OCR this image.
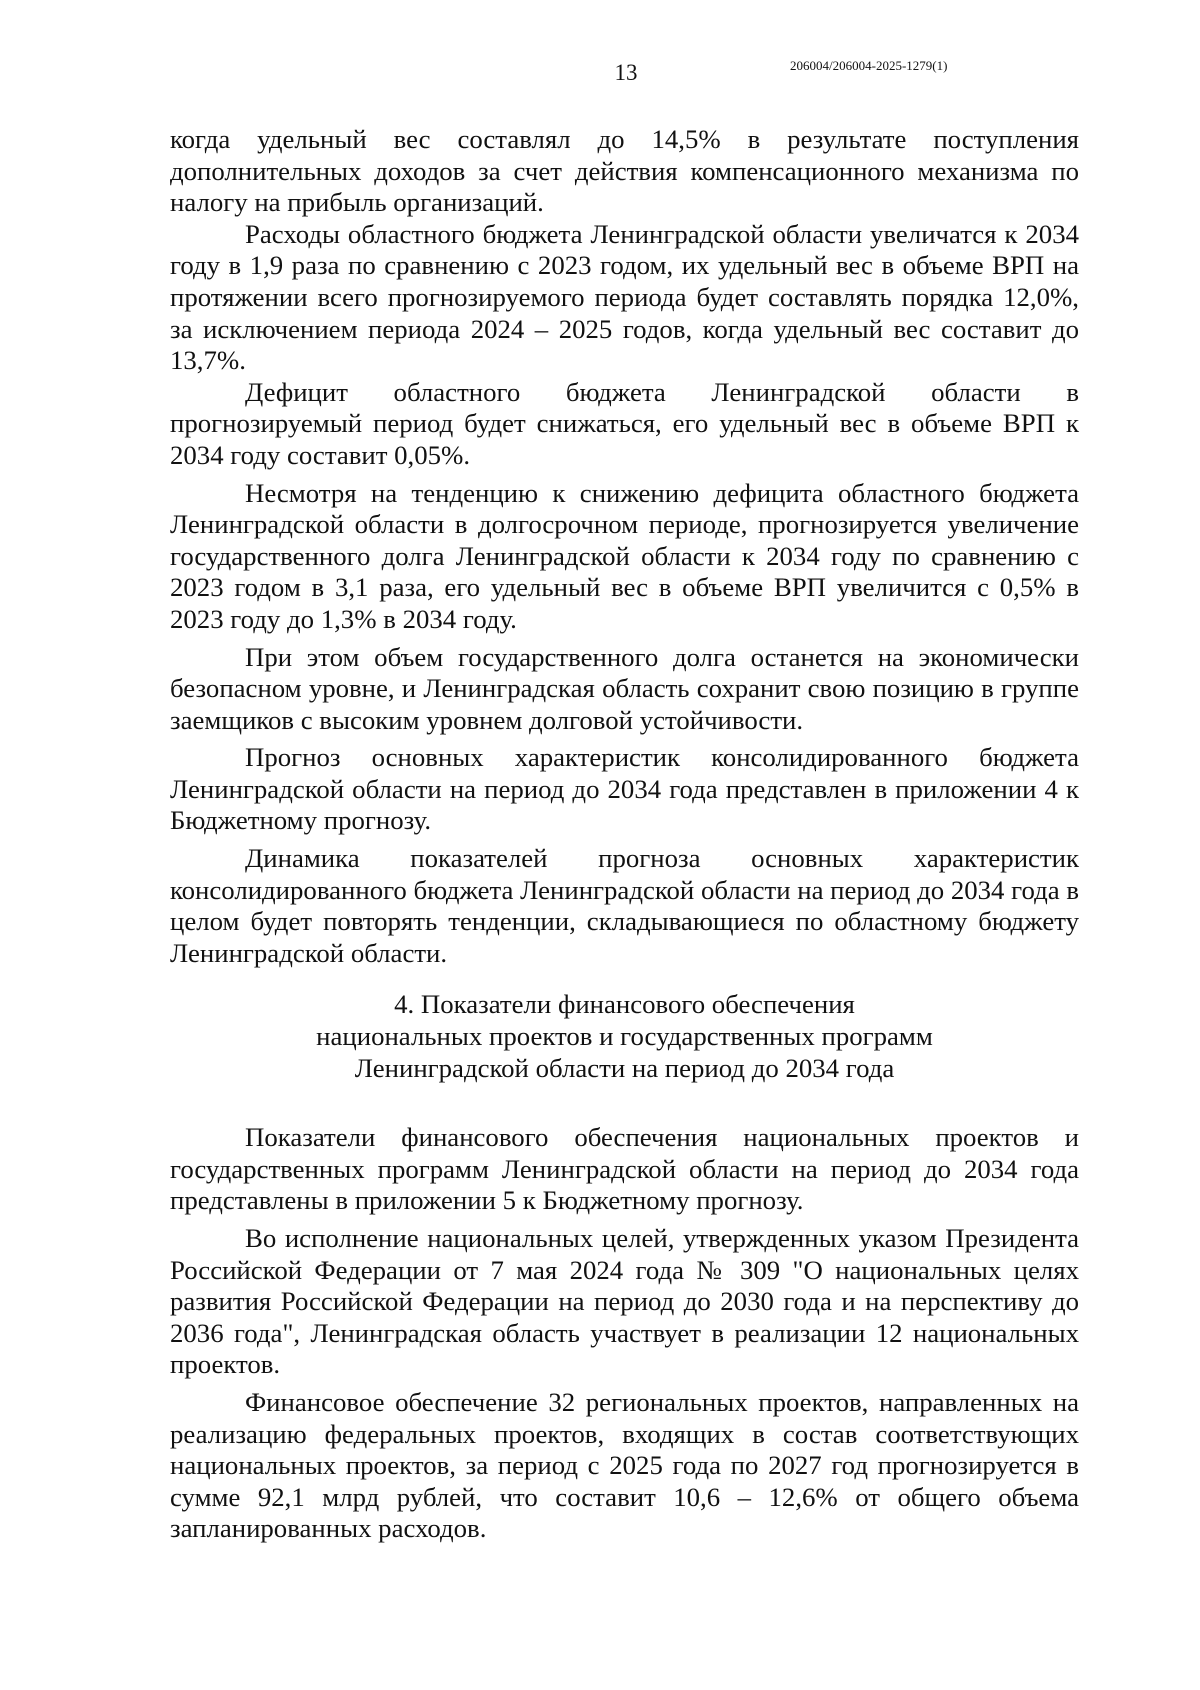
13	206004/206004-2025-1279(1)

когда удельный вес составлял до 14,5% в результате поступления дополнительных доходов за счет действия компенсационного механизма по налогу на прибыль организаций.

Расходы областного бюджета Ленинградской области увеличатся к 2034 году в 1,9 раза по сравнению с 2023 годом, их удельный вес в объеме ВРП на протяжении всего прогнозируемого периода будет составлять порядка 12,0%, за исключением периода 2024 – 2025 годов, когда удельный вес составит до 13,7%.

Дефицит областного бюджета Ленинградской области в прогнозируемый период будет снижаться, его удельный вес в объеме ВРП к 2034 году составит 0,05%.

Несмотря на тенденцию к снижению дефицита областного бюджета Ленинградской области в долгосрочном периоде, прогнозируется увеличение государственного долга Ленинградской области к 2034 году по сравнению с 2023 годом в 3,1 раза, его удельный вес в объеме ВРП увеличится с 0,5% в 2023 году до 1,3% в 2034 году.

При этом объем государственного долга останется на экономически безопасном уровне, и Ленинградская область сохранит свою позицию в группе заемщиков с высоким уровнем долговой устойчивости.

Прогноз основных характеристик консолидированного бюджета Ленинградской области на период до 2034 года представлен в приложении 4 к Бюджетному прогнозу.

Динамика показателей прогноза основных характеристик консолидированного бюджета Ленинградской области на период до 2034 года в целом будет повторять тенденции, складывающиеся по областному бюджету Ленинградской области.

4. Показатели финансового обеспечения

национальных проектов и государственных программ

Ленинградской области на период до 2034 года

Показатели финансового обеспечения национальных проектов и государственных программ Ленинградской области на период до 2034 года представлены в приложении 5 к Бюджетному прогнозу.

Во исполнение национальных целей, утвержденных указом Президента Российской Федерации от 7 мая 2024 года № 309 "О национальных целях развития Российской Федерации на период до 2030 года и на перспективу до 2036 года", Ленинградская область участвует в реализации 12 национальных проектов.

Финансовое обеспечение 32 региональных проектов, направленных на реализацию федеральных проектов, входящих в состав соответствующих национальных проектов, за период с 2025 года по 2027 год прогнозируется в сумме 92,1 млрд рублей, что составит 10,6 – 12,6% от общего объема запланированных расходов.
